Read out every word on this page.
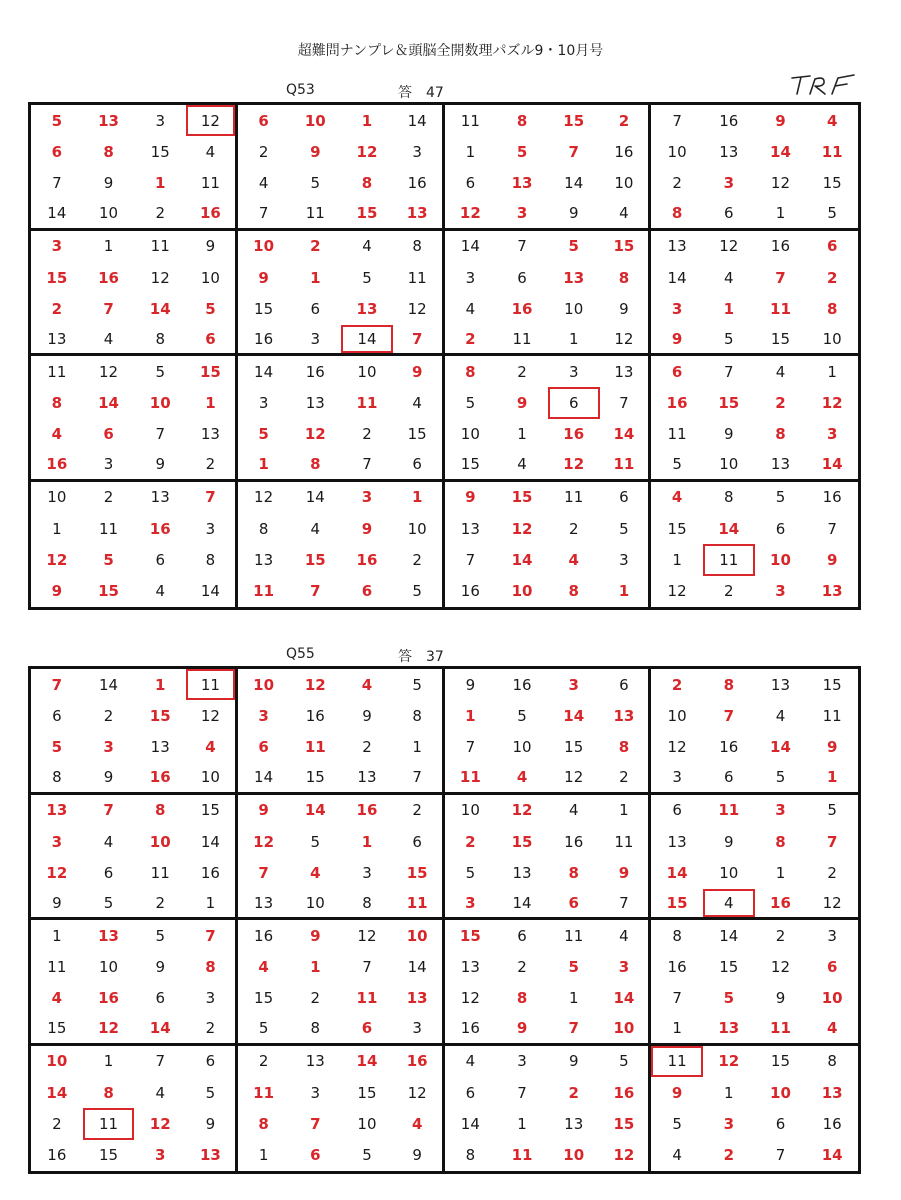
超難問ナンプレ＆頭脳全開数理パズル9・10月号
Q53	答 47
5	13	3	12	6	10	1	14	11	8	15	2	7	16	9	4
6	8	15	4	2	9	12	3	1	5	7	16	10	13	14	11
7	9	1	11	4	5	8	16	6	13	14	10	2	3	12	15
14	10	2	16	7	11	15	13	12	3	9	4	8	6	1	5
3	1	11	9	10	2	4	8	14	7	5	15	13	12	16	6
15	16	12	10	9	1	5	11	3	6	13	8	14	4	7	2
2	7	14	5	15	6	13	12	4	16	10	9	3	1	11	8
13	4	8	6	16	3	14	7	2	11	1	12	9	5	15	10
11	12	5	15	14	16	10	9	8	2	3	13	6	7	4	1
8	14	10	1	3	13	11	4	5	9	6	7	16	15	2	12
4	6	7	13	5	12	2	15	10	1	16	14	11	9	8	3
16	3	9	2	1	8	7	6	15	4	12	11	5	10	13	14
10	2	13	7	12	14	3	1	9	15	11	6	4	8	5	16
1	11	16	3	8	4	9	10	13	12	2	5	15	14	6	7
12	5	6	8	13	15	16	2	7	14	4	3	1	11	10	9
9	15	4	14	11	7	6	5	16	10	8	1	12	2	3	13
Q55	答 37
7	14	1	11	10	12	4	5	9	16	3	6	2	8	13	15
6	2	15	12	3	16	9	8	1	5	14	13	10	7	4	11
5	3	13	4	6	11	2	1	7	10	15	8	12	16	14	9
8	9	16	10	14	15	13	7	11	4	12	2	3	6	5	1
13	7	8	15	9	14	16	2	10	12	4	1	6	11	3	5
3	4	10	14	12	5	1	6	2	15	16	11	13	9	8	7
12	6	11	16	7	4	3	15	5	13	8	9	14	10	1	2
9	5	2	1	13	10	8	11	3	14	6	7	15	4	16	12
1	13	5	7	16	9	12	10	15	6	11	4	8	14	2	3
11	10	9	8	4	1	7	14	13	2	5	3	16	15	12	6
4	16	6	3	15	2	11	13	12	8	1	14	7	5	9	10
15	12	14	2	5	8	6	3	16	9	7	10	1	13	11	4
10	1	7	6	2	13	14	16	4	3	9	5	11	12	15	8
14	8	4	5	11	3	15	12	6	7	2	16	9	1	10	13
2	11	12	9	8	7	10	4	14	1	13	15	5	3	6	16
16	15	3	13	1	6	5	9	8	11	10	12	4	2	7	14
